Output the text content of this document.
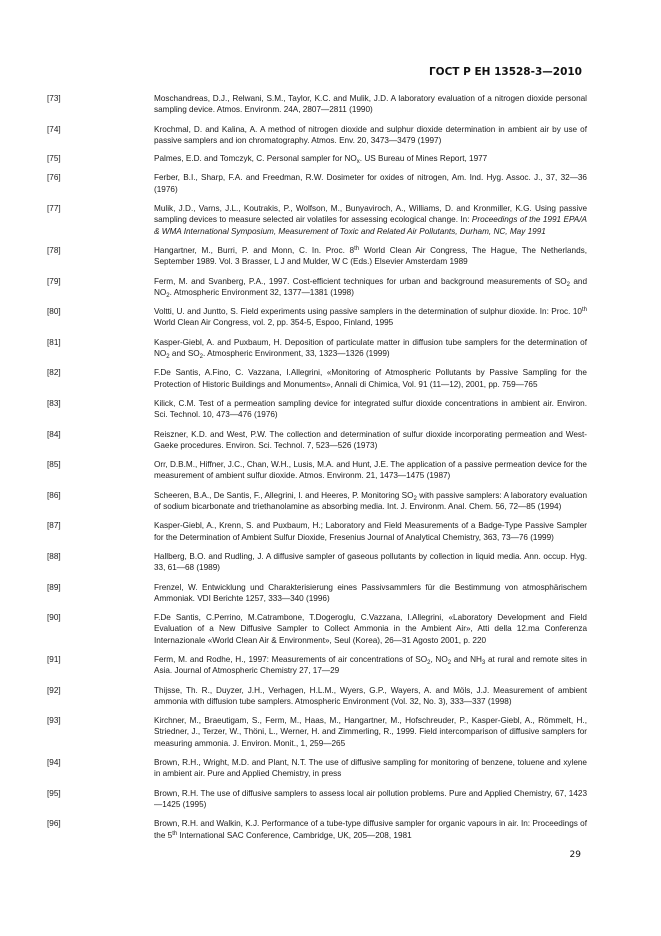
ГОСТ Р ЕН 13528-3—2010
[73]	Moschandreas, D.J., Relwani, S.M., Taylor, K.C. and Mulik, J.D. A laboratory evaluation of a nitrogen dioxide personal sampling device. Atmos. Environm. 24A, 2807—2811 (1990)
[74]	Krochmal, D. and Kalina, A. A method of nitrogen dioxide and sulphur dioxide determination in ambient air by use of passive samplers and ion chromatography. Atmos. Env. 20, 3473—3479 (1997)
[75]	Palmes, E.D. and Tomczyk, C. Personal sampler for $NO_x$. US Bureau of Mines Report, 1977
[76]	Ferber, B.I., Sharp, F.A. and Freedman, R.W. Dosimeter for oxides of nitrogen, Am. Ind. Hyg. Assoc. J., 37, 32—36 (1976)
[77]	Mulik, J.D., Varns, J.L., Koutrakis, P., Wolfson, M., Bunyaviroch, A., Williams, D. and Kronmiller, K.G. Using passive sampling devices to measure selected air volatiles for assessing ecological change. In: Proceedings of the 1991 EPA/A & WMA International Symposium, Measurement of Toxic and Related Air Pollutants, Durham, NC, May 1991
[78]	Hangartner, M., Burri, P. and Monn, C. In. Proc. 8th World Clean Air Congress, The Hague, The Netherlands, September 1989. Vol. 3 Brasser, L J and Mulder, W C (Eds.) Elsevier Amsterdam 1989
[79]	Ferm, M. and Svanberg, P.A., 1997. Cost-efficient techniques for urban and background measurements of $SO_2$ and $NO_2$. Atmospheric Environment 32, 1377—1381 (1998)
[80]	Voltti, U. and Juntto, S. Field experiments using passive samplers in the determination of sulphur dioxide. In: Proc. 10th World Clean Air Congress, vol. 2, pp. 354-5, Espoo, Finland, 1995
[81]	Kasper-Giebl, A. and Puxbaum, H. Deposition of particulate matter in diffusion tube samplers for the determination of $NO_2$ and $SO_2$. Atmospheric Environment, 33, 1323—1326 (1999)
[82]	F.De Santis, A.Fino, C. Vazzana, I.Allegrini, «Monitoring of Atmospheric Pollutants by Passive Sampling for the Protection of Historic Buildings and Monuments», Annali di Chimica, Vol. 91 (11—12), 2001, pp. 759—765
[83]	Kilick, C.M. Test of a permeation sampling device for integrated sulfur dioxide concentrations in ambient air. Environ. Sci. Technol. 10, 473—476 (1976)
[84]	Reiszner, K.D. and West, P.W. The collection and determination of sulfur dioxide incorporating permeation and West-Gaeke procedures. Environ. Sci. Technol. 7, 523—526 (1973)
[85]	Orr, D.B.M., Hiffner, J.C., Chan, W.H., Lusis, M.A. and Hunt, J.E. The application of a passive permeation device for the measurement of ambient sulfur dioxide. Atmos. Environm. 21, 1473—1475 (1987)
[86]	Scheeren, B.A., De Santis, F., Allegrini, I. and Heeres, P. Monitoring $SO_2$ with passive samplers: A laboratory evaluation of sodium bicarbonate and triethanolamine as absorbing media. Int. J. Environm. Anal. Chem. 56, 72—85 (1994)
[87]	Kasper-Giebl, A., Krenn, S. and Puxbaum, H.; Laboratory and Field Measurements of a Badge-Type Passive Sampler for the Determination of Ambient Sulfur Dioxide, Fresenius Journal of Analytical Chemistry, 363, 73—76 (1999)
[88]	Hallberg, B.O. and Rudling, J. A diffusive sampler of gaseous pollutants by collection in liquid media. Ann. occup. Hyg. 33, 61—68 (1989)
[89]	Frenzel, W. Entwicklung und Charakterisierung eines Passivsammlers für die Bestimmung von atmosphärischem Ammoniak. VDI Berichte 1257, 333—340 (1996)
[90]	F.De Santis, C.Perrino, M.Catrambone, T.Dogeroglu, C.Vazzana, I.Allegrini, «Laboratory Development and Field Evaluation of a New Diffusive Sampler to Collect Ammonia in the Ambient Air», Atti della 12.ma Conferenza Internazionale «World Clean Air & Environment», Seul (Korea), 26—31 Agosto 2001, p. 220
[91]	Ferm, M. and Rodhe, H., 1997: Measurements of air concentrations of $SO_2$, $NO_2$ and $NH_3$ at rural and remote sites in Asia. Journal of Atmospheric Chemistry 27, 17—29
[92]	Thijsse, Th. R., Duyzer, J.H., Verhagen, H.L.M., Wyers, G.P., Wayers, A. and Möls, J.J. Measurement of ambient ammonia with diffusion tube samplers. Atmospheric Environment (Vol. 32, No. 3), 333—337 (1998)
[93]	Kirchner, M., Braeutigam, S., Ferm, M., Haas, M., Hangartner, M., Hofschreuder, P., Kasper-Giebl, A., Römmelt, H., Striedner, J., Terzer, W., Thöni, L., Werner, H. and Zimmerling, R., 1999. Field intercomparison of diffusive samplers for measuring ammonia. J. Environ. Monit., 1, 259—265
[94]	Brown, R.H., Wright, M.D. and Plant, N.T. The use of diffusive sampling for monitoring of benzene, toluene and xylene in ambient air. Pure and Applied Chemistry, in press
[95]	Brown, R.H. The use of diffusive samplers to assess local air pollution problems. Pure and Applied Chemistry, 67, 1423—1425 (1995)
[96]	Brown, R.H. and Walkin, K.J. Performance of a tube-type diffusive sampler for organic vapours in air. In: Proceedings of the 5th International SAC Conference, Cambridge, UK, 205—208, 1981
29
